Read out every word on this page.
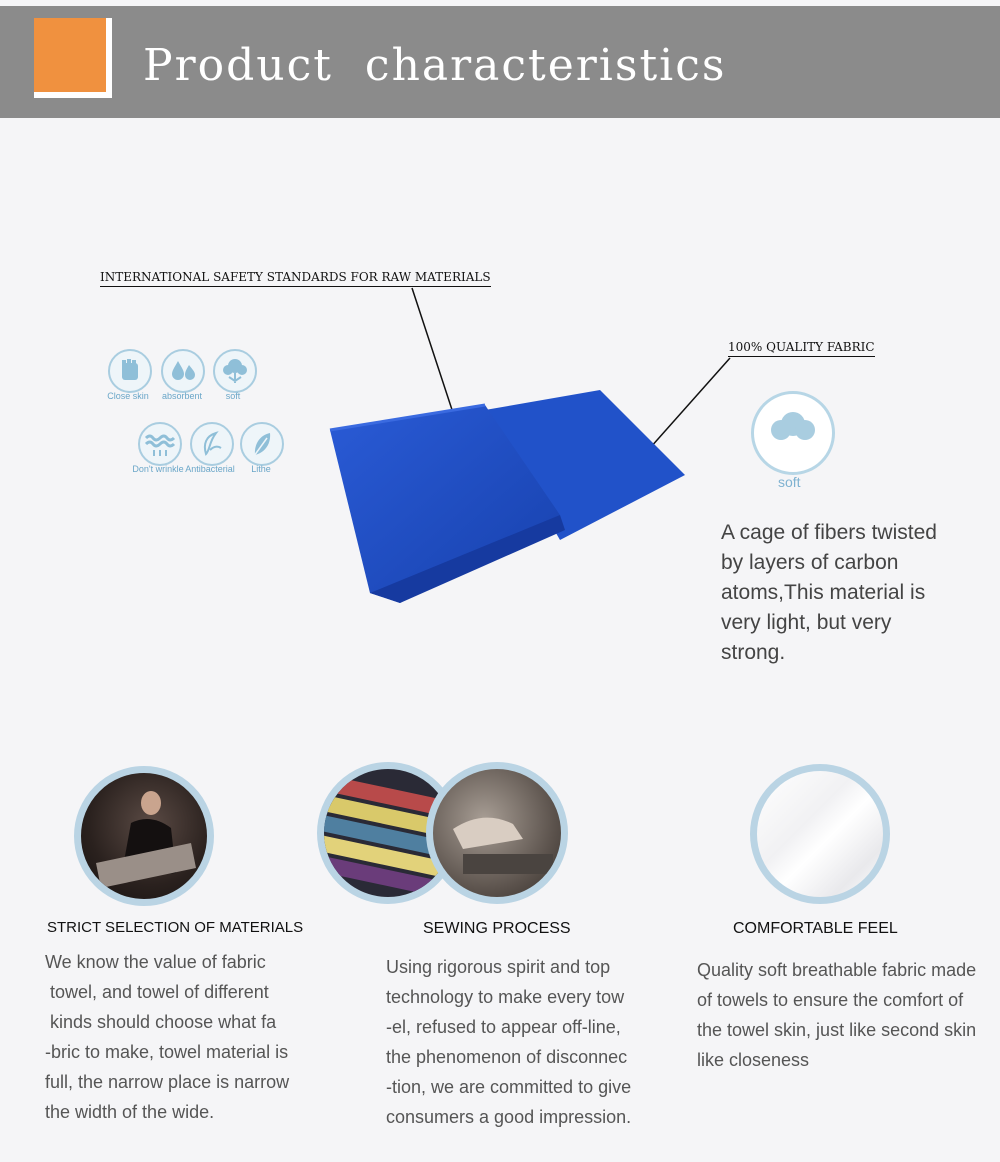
Product  characteristics
INTERNATIONAL SAFETY STANDARDS FOR RAW MATERIALS
100% QUALITY FABRIC
Close skin	absorbent	soft
Don't wrinkle Antibacterial	Lithe
soft
A cage of fibers twisted by layers of carbon atoms,This material is very light, but very strong.
STRICT SELECTION OF MATERIALS
We know the value of fabric
towel, and towel of different
kinds should choose what fa
-bric to make, towel material is
full, the narrow place is narrow
the width of the wide.
SEWING PROCESS
Using rigorous spirit and top
technology to make every tow
-el, refused to appear off-line,
the phenomenon of disconnec
-tion, we are committed to give
consumers a good impression.
COMFORTABLE FEEL
Quality soft breathable fabric made
of towels to ensure the comfort of
the towel skin, just like second skin
like closeness
